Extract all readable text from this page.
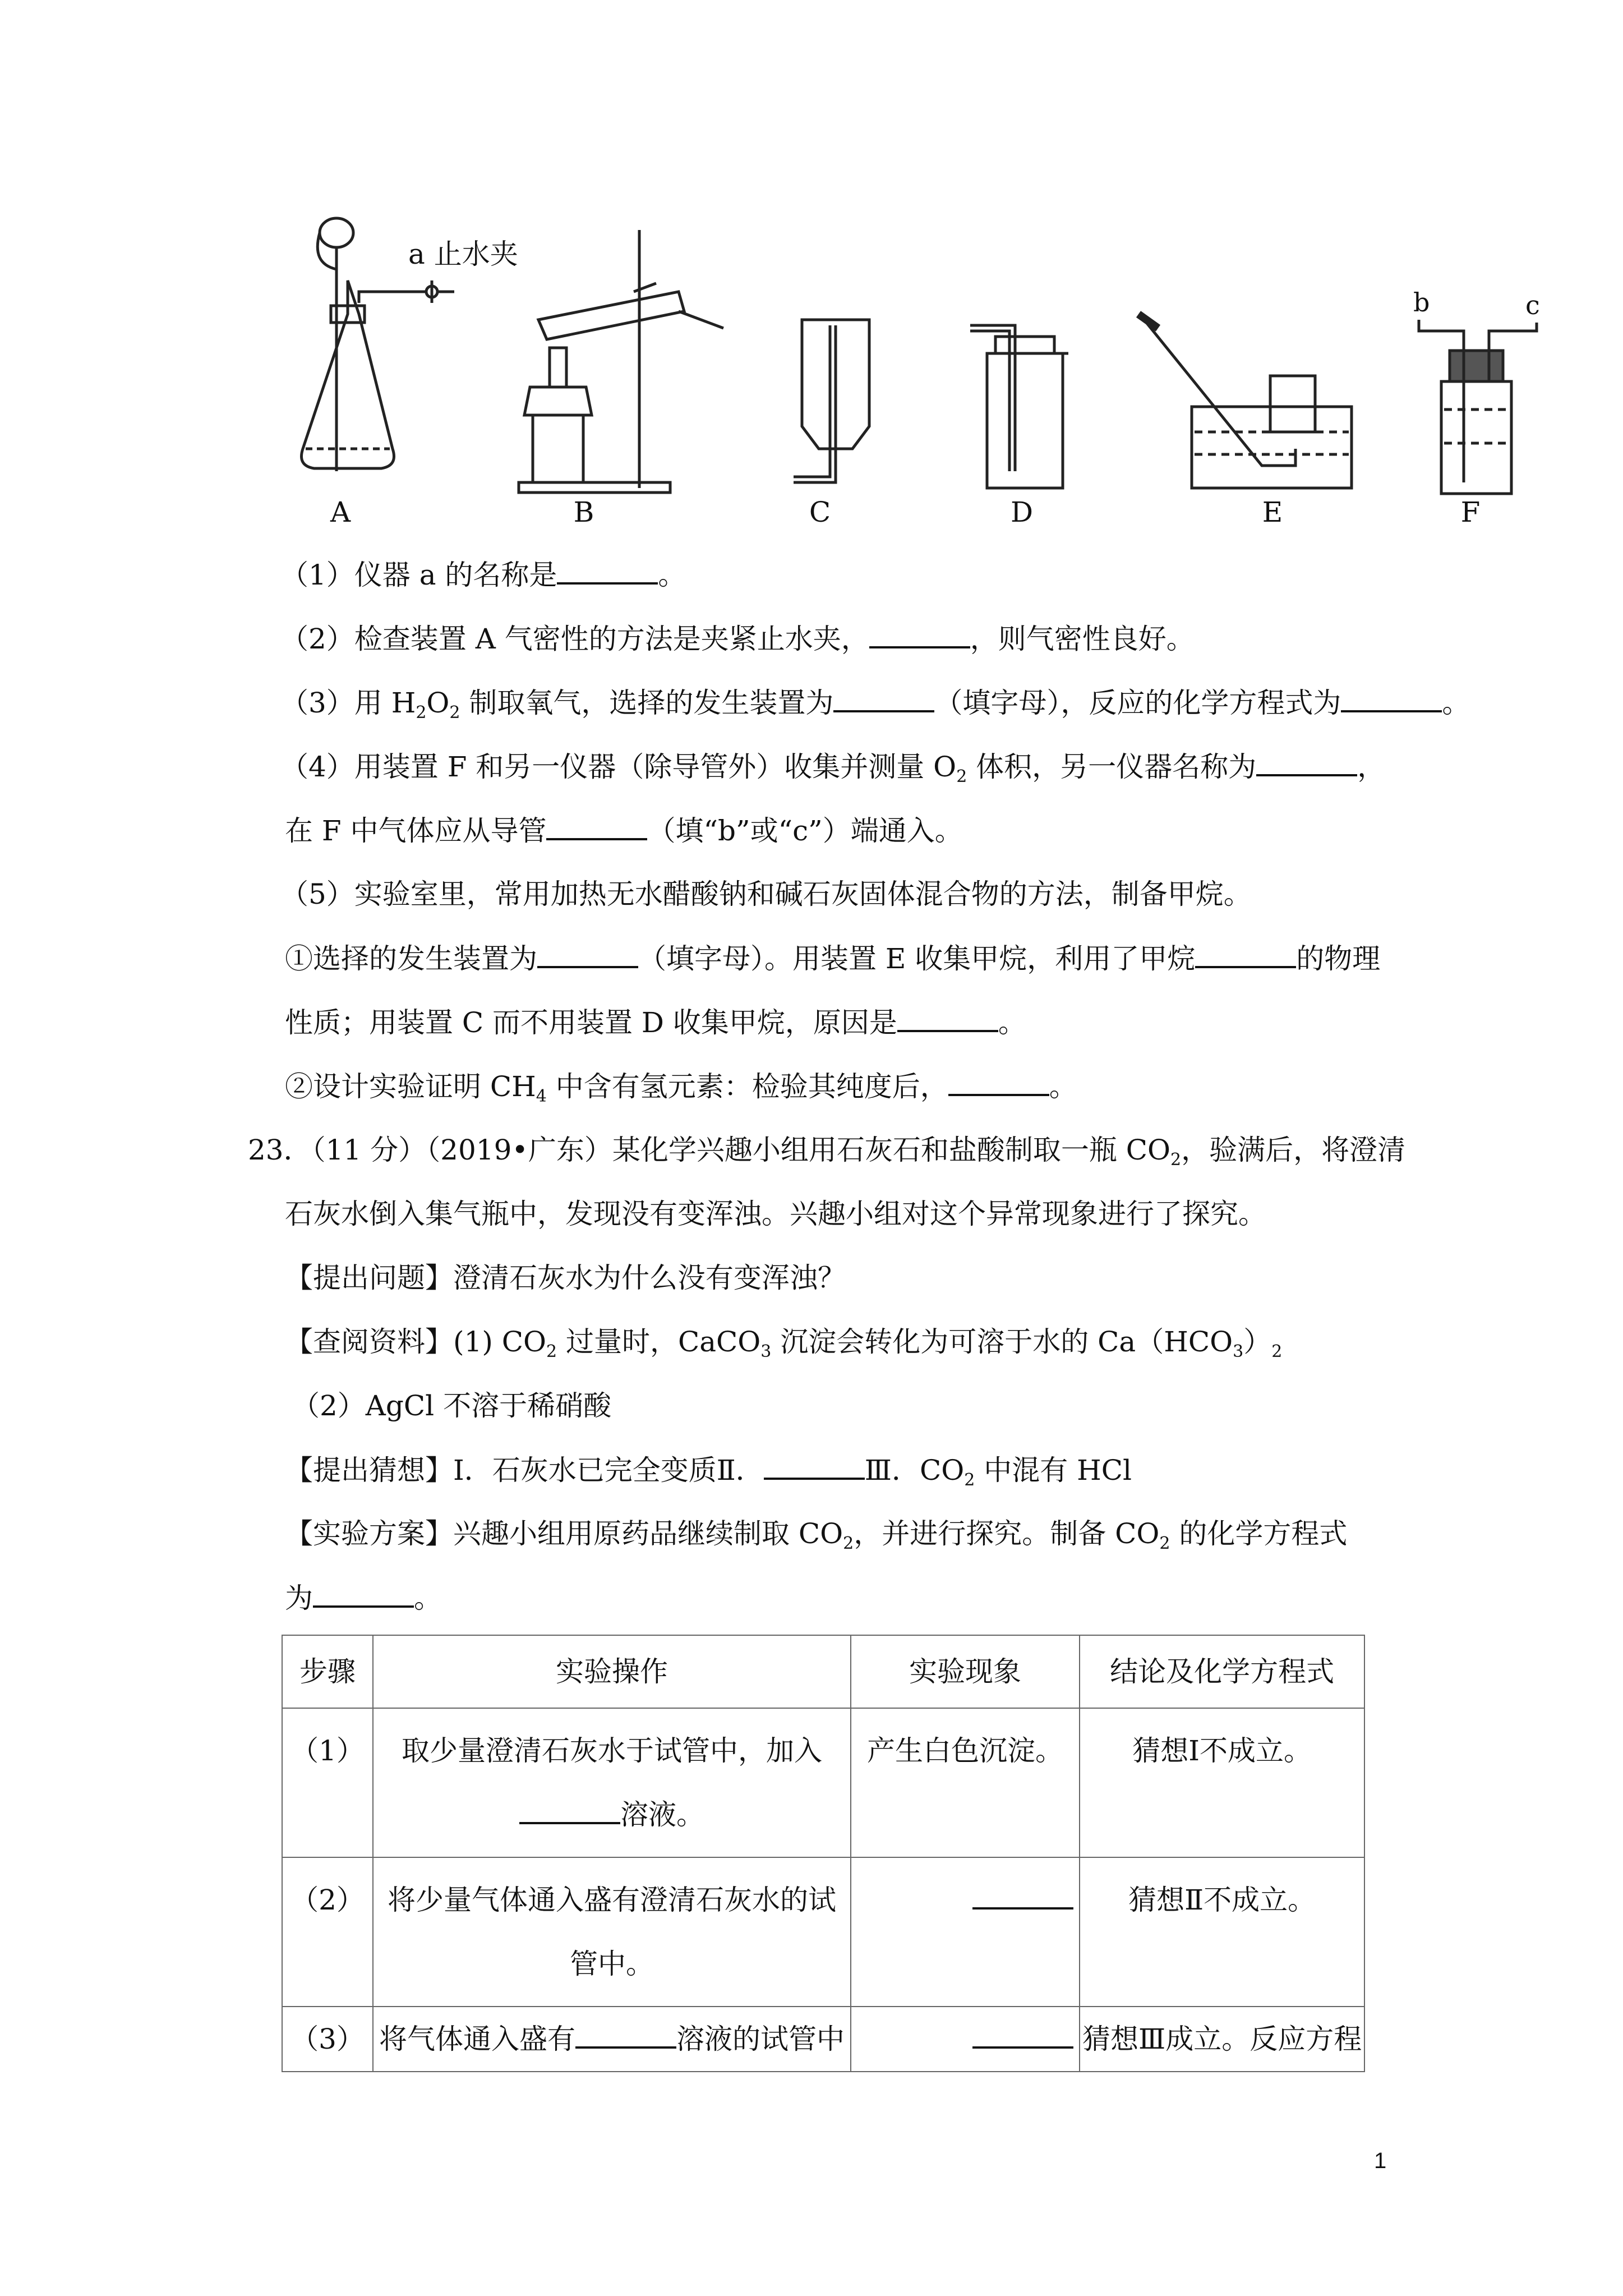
a 止水夹
b	c
A	B	C	D	E	F
（1）仪器 a 的名称是	。
（2）检查装置 A 气密性的方法是夹紧止水夹，	，则气密性良好。
（3）用 $H_2O_2$ 制取氧气，选择的发生装置为	（填字母），反应的化学方程式为	。
（4）用装置 F 和另一仪器（除导管外）收集并测量 $O_2$ 体积，另一仪器名称为	，
在 F 中气体应从导管	（填“b”或“c”）端通入。
（5）实验室里，常用加热无水醋酸钠和碱石灰固体混合物的方法，制备甲烷。
①选择的发生装置为	（填字母）。用装置 E 收集甲烷，利用了甲烷	的物理
性质；用装置 C 而不用装置 D 收集甲烷，原因是	。
②设计实验证明 $CH_4$ 中含有氢元素：检验其纯度后，	。
23．（11 分）（2019•广东）某化学兴趣小组用石灰石和盐酸制取一瓶 $CO_2$，验满后，将澄清
石灰水倒入集气瓶中，发现没有变浑浊。兴趣小组对这个异常现象进行了探究。
【提出问题】澄清石灰水为什么没有变浑浊？
【查阅资料】(1) $CO_2$ 过量时，CaCO$_3$ 沉淀会转化为可溶于水的 $Ca(HCO_3)_2$
（2）AgCl 不溶于稀硝酸
【提出猜想】Ⅰ．石灰水已完全变质Ⅱ．	Ⅲ．$CO_2$ 中混有 HCl
【实验方案】兴趣小组用原药品继续制取 $CO_2$，并进行探究。制备 $CO_2$ 的化学方程式
为	。
步骤	实验操作	实验现象	结论及化学方程式
（1）	取少量澄清石灰水于试管中，加入
溶液。	产生白色沉淀。	猜想Ⅰ不成立。
（2）	将少量气体通入盛有澄清石灰水的试
管中。		猜想Ⅱ不成立。
（3）	将气体通入盛有 溶液的试管中		猜想Ⅲ成立。反应方程
1
